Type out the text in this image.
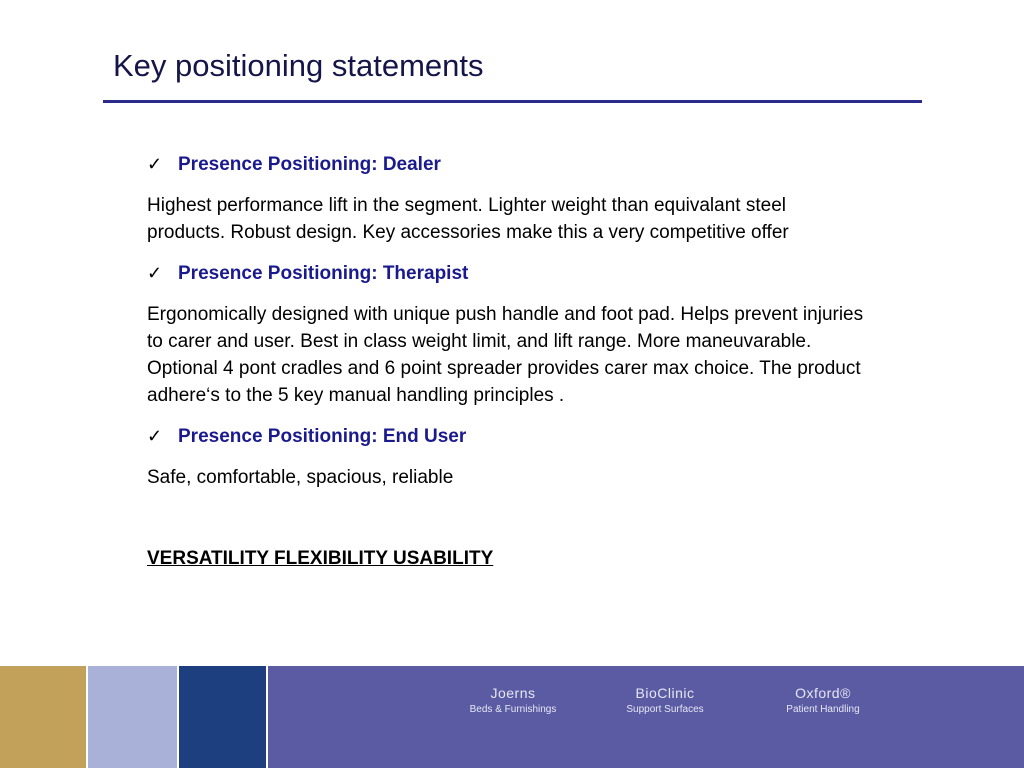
Key positioning statements
✓ Presence Positioning: Dealer

Highest performance lift in the segment. Lighter weight than equivalant steel products. Robust design. Key accessories make this a very competitive offer

✓ Presence Positioning: Therapist

Ergonomically designed with unique push handle and foot pad. Helps prevent injuries to carer and user. Best in class weight limit, and lift range. More maneuvarable. Optional 4 pont cradles and 6 point spreader provides carer max choice. The product adhere‘s to the 5 key manual handling principles .

✓ Presence Positioning: End User

Safe, comfortable, spacious, reliable

VERSATILITY FLEXIBILITY USABILITY
Joerns
Beds & Furnishings
BioClinic
Support Surfaces
Oxford®
Patient Handling
